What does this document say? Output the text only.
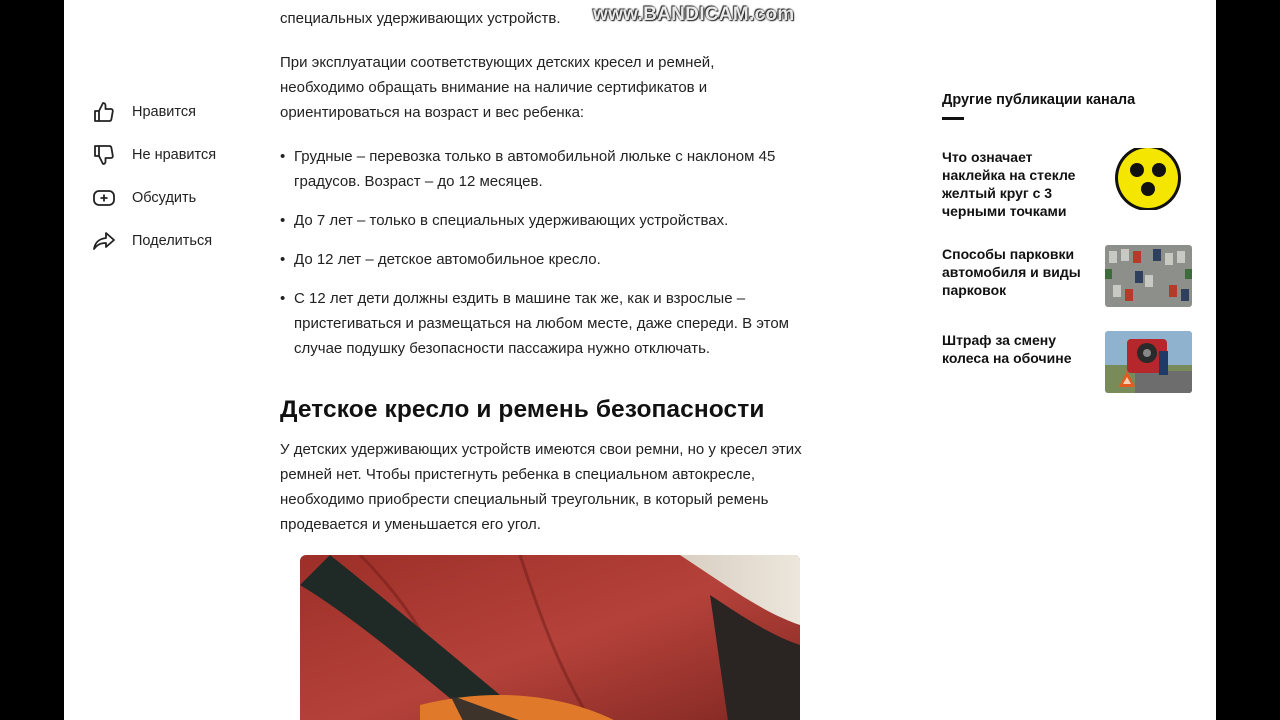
Нравится
Не нравится
Обсудить
Поделиться

специальных удерживающих устройств.

При эксплуатации соответствующих детских кресел и ремней, необходимо обращать внимание на наличие сертификатов и ориентироваться на возраст и вес ребенка:

• Грудные – перевозка только в автомобильной люльке с наклоном 45 градусов. Возраст – до 12 месяцев.
• До 7 лет – только в специальных удерживающих устройствах.
• До 12 лет – детское автомобильное кресло.
• С 12 лет дети должны ездить в машине так же, как и взрослые – пристегиваться и размещаться на любом месте, даже спереди. В этом случае подушку безопасности пассажира нужно отключать.
Детское кресло и ремень безопасности

У детских удерживающих устройств имеются свои ремни, но у кресел этих ремней нет. Чтобы пристегнуть ребенка в специальном автокресле, необходимо приобрести специальный треугольник, в который ремень продевается и уменьшается его угол.

Другие публикации канала
Что означает наклейка на стекле желтый круг с 3 черными точками
Способы парковки автомобиля и виды парковок
Штраф за смену колеса на обочине
www.BANDICAM.com
